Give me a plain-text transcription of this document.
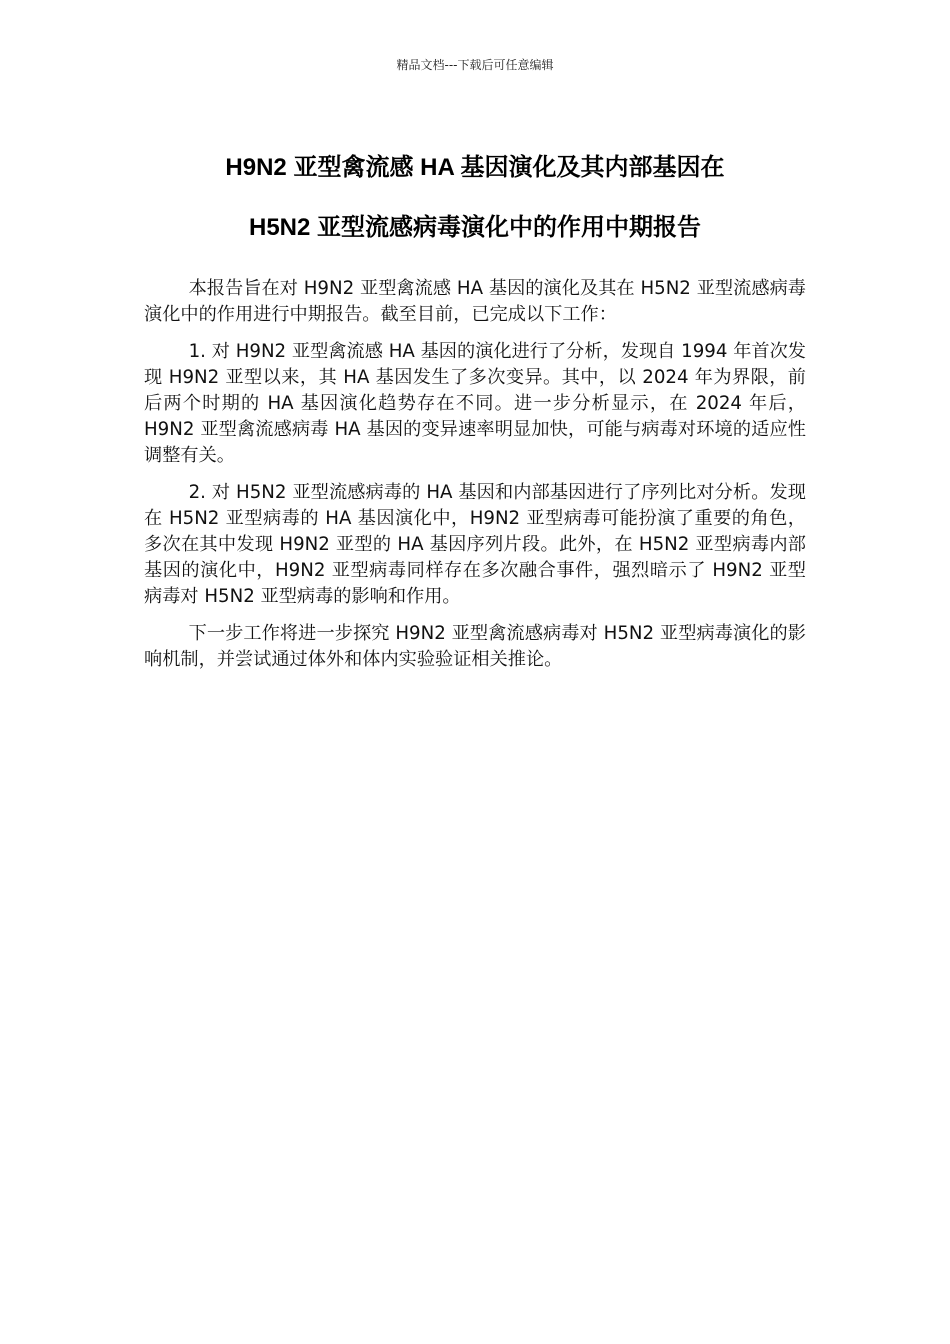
精品文档---下载后可任意编辑
H9N2 亚型禽流感 HA 基因演化及其内部基因在
H5N2 亚型流感病毒演化中的作用中期报告

本报告旨在对 H9N2 亚型禽流感 HA 基因的演化及其在 H5N2 亚型流感病毒演化中的作用进行中期报告。截至目前，已完成以下工作：

1. 对 H9N2 亚型禽流感 HA 基因的演化进行了分析，发现自 1994 年首次发现 H9N2 亚型以来，其 HA 基因发生了多次变异。其中，以 2024 年为界限，前后两个时期的 HA 基因演化趋势存在不同。进一步分析显示，在 2024 年后，H9N2 亚型禽流感病毒 HA 基因的变异速率明显加快，可能与病毒对环境的适应性调整有关。

2. 对 H5N2 亚型流感病毒的 HA 基因和内部基因进行了序列比对分析。发现在 H5N2 亚型病毒的 HA 基因演化中，H9N2 亚型病毒可能扮演了重要的角色，多次在其中发现 H9N2 亚型的 HA 基因序列片段。此外，在 H5N2 亚型病毒内部基因的演化中，H9N2 亚型病毒同样存在多次融合事件，强烈暗示了 H9N2 亚型病毒对 H5N2 亚型病毒的影响和作用。

下一步工作将进一步探究 H9N2 亚型禽流感病毒对 H5N2 亚型病毒演化的影响机制，并尝试通过体外和体内实验验证相关推论。
